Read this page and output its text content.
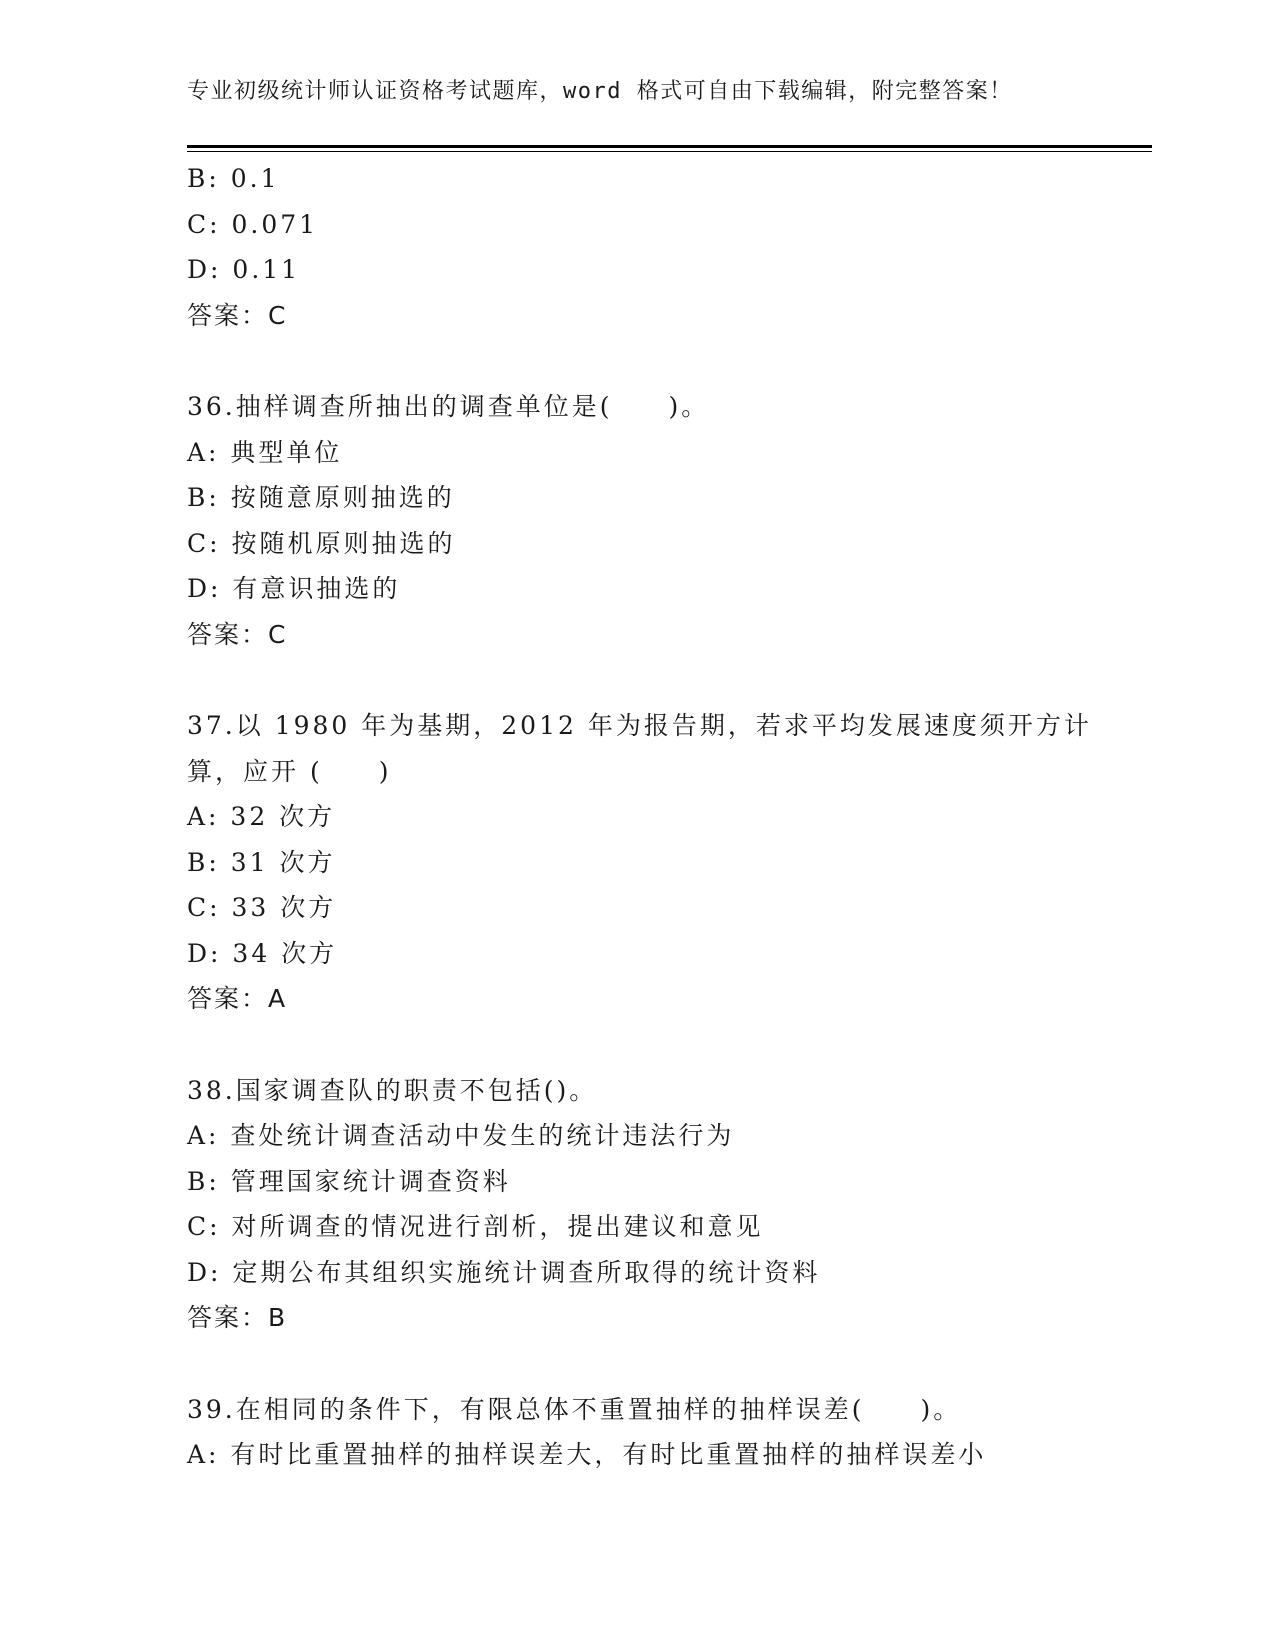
专业初级统计师认证资格考试题库，word 格式可自由下载编辑，附完整答案！
B: 0.1
C: 0.071
D: 0.11
答案：C
36.抽样调查所抽出的调查单位是(　　)。
A: 典型单位
B: 按随意原则抽选的
C: 按随机原则抽选的
D: 有意识抽选的
答案：C
37.以 1980 年为基期，2012 年为报告期，若求平均发展速度须开方计
算，应开 (　　)
A: 32 次方
B: 31 次方
C: 33 次方
D: 34 次方
答案：A
38.国家调查队的职责不包括()。
A: 查处统计调查活动中发生的统计违法行为
B: 管理国家统计调查资料
C: 对所调查的情况进行剖析，提出建议和意见
D: 定期公布其组织实施统计调查所取得的统计资料
答案：B
39.在相同的条件下，有限总体不重置抽样的抽样误差(　　)。
A: 有时比重置抽样的抽样误差大，有时比重置抽样的抽样误差小
